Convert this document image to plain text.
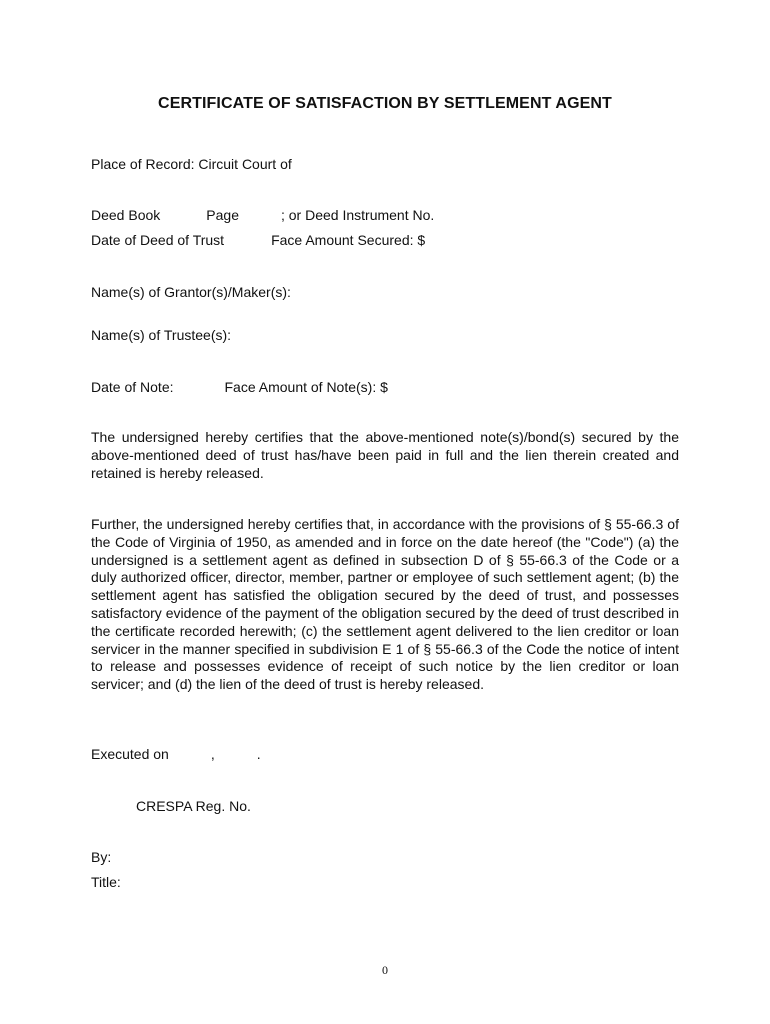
CERTIFICATE OF SATISFACTION BY SETTLEMENT AGENT
Place of Record: Circuit Court of
Deed Book	Page	; or Deed Instrument No.
Date of Deed of Trust	Face Amount Secured: $
Name(s) of Grantor(s)/Maker(s):
Name(s) of Trustee(s):
Date of Note:	Face Amount of Note(s): $
The undersigned hereby certifies that the above-mentioned note(s)/bond(s) secured by the above-mentioned deed of trust has/have been paid in full and the lien therein created and retained is hereby released.
Further, the undersigned hereby certifies that, in accordance with the provisions of § 55-66.3 of the Code of Virginia of 1950, as amended and in force on the date hereof (the "Code") (a) the undersigned is a settlement agent as defined in subsection D of § 55-66.3 of the Code or a duly authorized officer, director, member, partner or employee of such settlement agent; (b) the settlement agent has satisfied the obligation secured by the deed of trust, and possesses satisfactory evidence of the payment of the obligation secured by the deed of trust described in the certificate recorded herewith; (c) the settlement agent delivered to the lien creditor or loan servicer in the manner specified in subdivision E 1 of § 55-66.3 of the Code the notice of intent to release and possesses evidence of receipt of such notice by the lien creditor or loan servicer; and (d) the lien of the deed of trust is hereby released.
Executed on	,	.
CRESPA Reg. No.
By:
Title:
0
